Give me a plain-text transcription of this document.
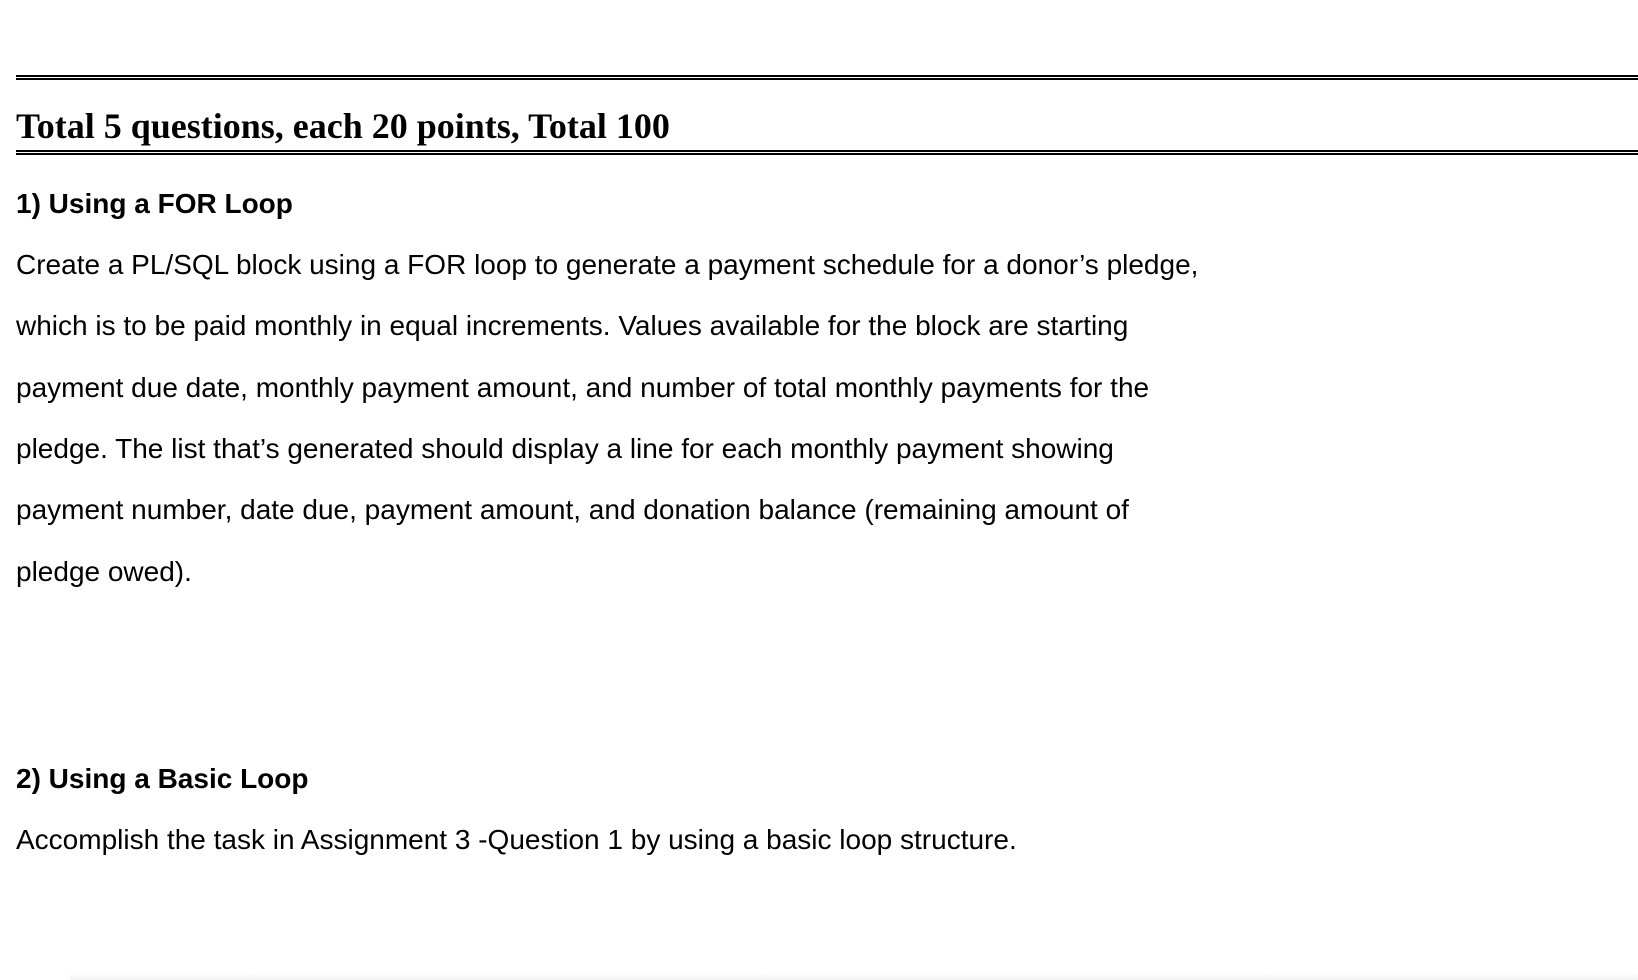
Total 5 questions, each 20 points, Total 100
1) Using a FOR Loop

Create a PL/SQL block using a FOR loop to generate a payment schedule for a donor’s pledge,

which is to be paid monthly in equal increments. Values available for the block are starting

payment due date, monthly payment amount, and number of total monthly payments for the

pledge. The list that’s generated should display a line for each monthly payment showing

payment number, date due, payment amount, and donation balance (remaining amount of

pledge owed).

2) Using a Basic Loop

Accomplish the task in Assignment 3 -Question 1 by using a basic loop structure.
